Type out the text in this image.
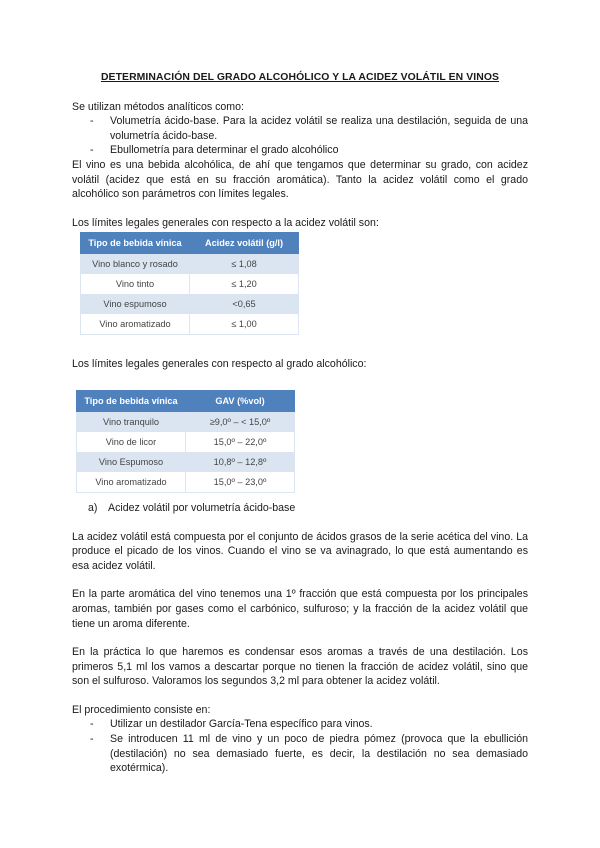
DETERMINACIÓN DEL GRADO ALCOHÓLICO Y LA ACIDEZ VOLÁTIL EN VINOS

Se utilizan métodos analíticos como:

- Volumetría ácido-base. Para la acidez volátil se realiza una destilación, seguida de una volumetría ácido-base.
- Ebullometría para determinar el grado alcohólico

El vino es una bebida alcohólica, de ahí que tengamos que determinar su grado, con acidez volátil (acidez que está en su fracción aromática). Tanto la acidez volátil como el grado alcohólico son parámetros con límites legales.

Los límites legales generales con respecto a la acidez volátil son:

Tipo de bebida vínica	Acidez volátil (g/l)
Vino blanco y rosado	≤ 1,08
Vino tinto	≤ 1,20
Vino espumoso	<0,65
Vino aromatizado	≤ 1,00

Los límites legales generales con respecto al grado alcohólico:

Tipo de bebida vínica	GAV (%vol)
Vino tranquilo	≥9,0º – < 15,0º
Vino de licor	15,0º – 22,0º
Vino Espumoso	10,8º – 12,8º
Vino aromatizado	15,0º – 23,0º
a) Acidez volátil por volumetría ácido-base

La acidez volátil está compuesta por el conjunto de ácidos grasos de la serie acética del vino. La produce el picado de los vinos. Cuando el vino se va avinagrado, lo que está aumentando es esa acidez volátil.

En la parte aromática del vino tenemos una 1º fracción que está compuesta por los principales aromas, también por gases como el carbónico, sulfuroso; y la fracción de la acidez volátil que tiene un aroma diferente.

En la práctica lo que haremos es condensar esos aromas a través de una destilación. Los primeros 5,1 ml los vamos a descartar porque no tienen la fracción de acidez volátil, sino que son el sulfuroso. Valoramos los segundos 3,2 ml para obtener la acidez volátil.

El procedimiento consiste en:

- Utilizar un destilador García-Tena específico para vinos.
- Se introducen 11 ml de vino y un poco de piedra pómez (provoca que la ebullición (destilación) no sea demasiado fuerte, es decir, la destilación no sea demasiado exotérmica).
